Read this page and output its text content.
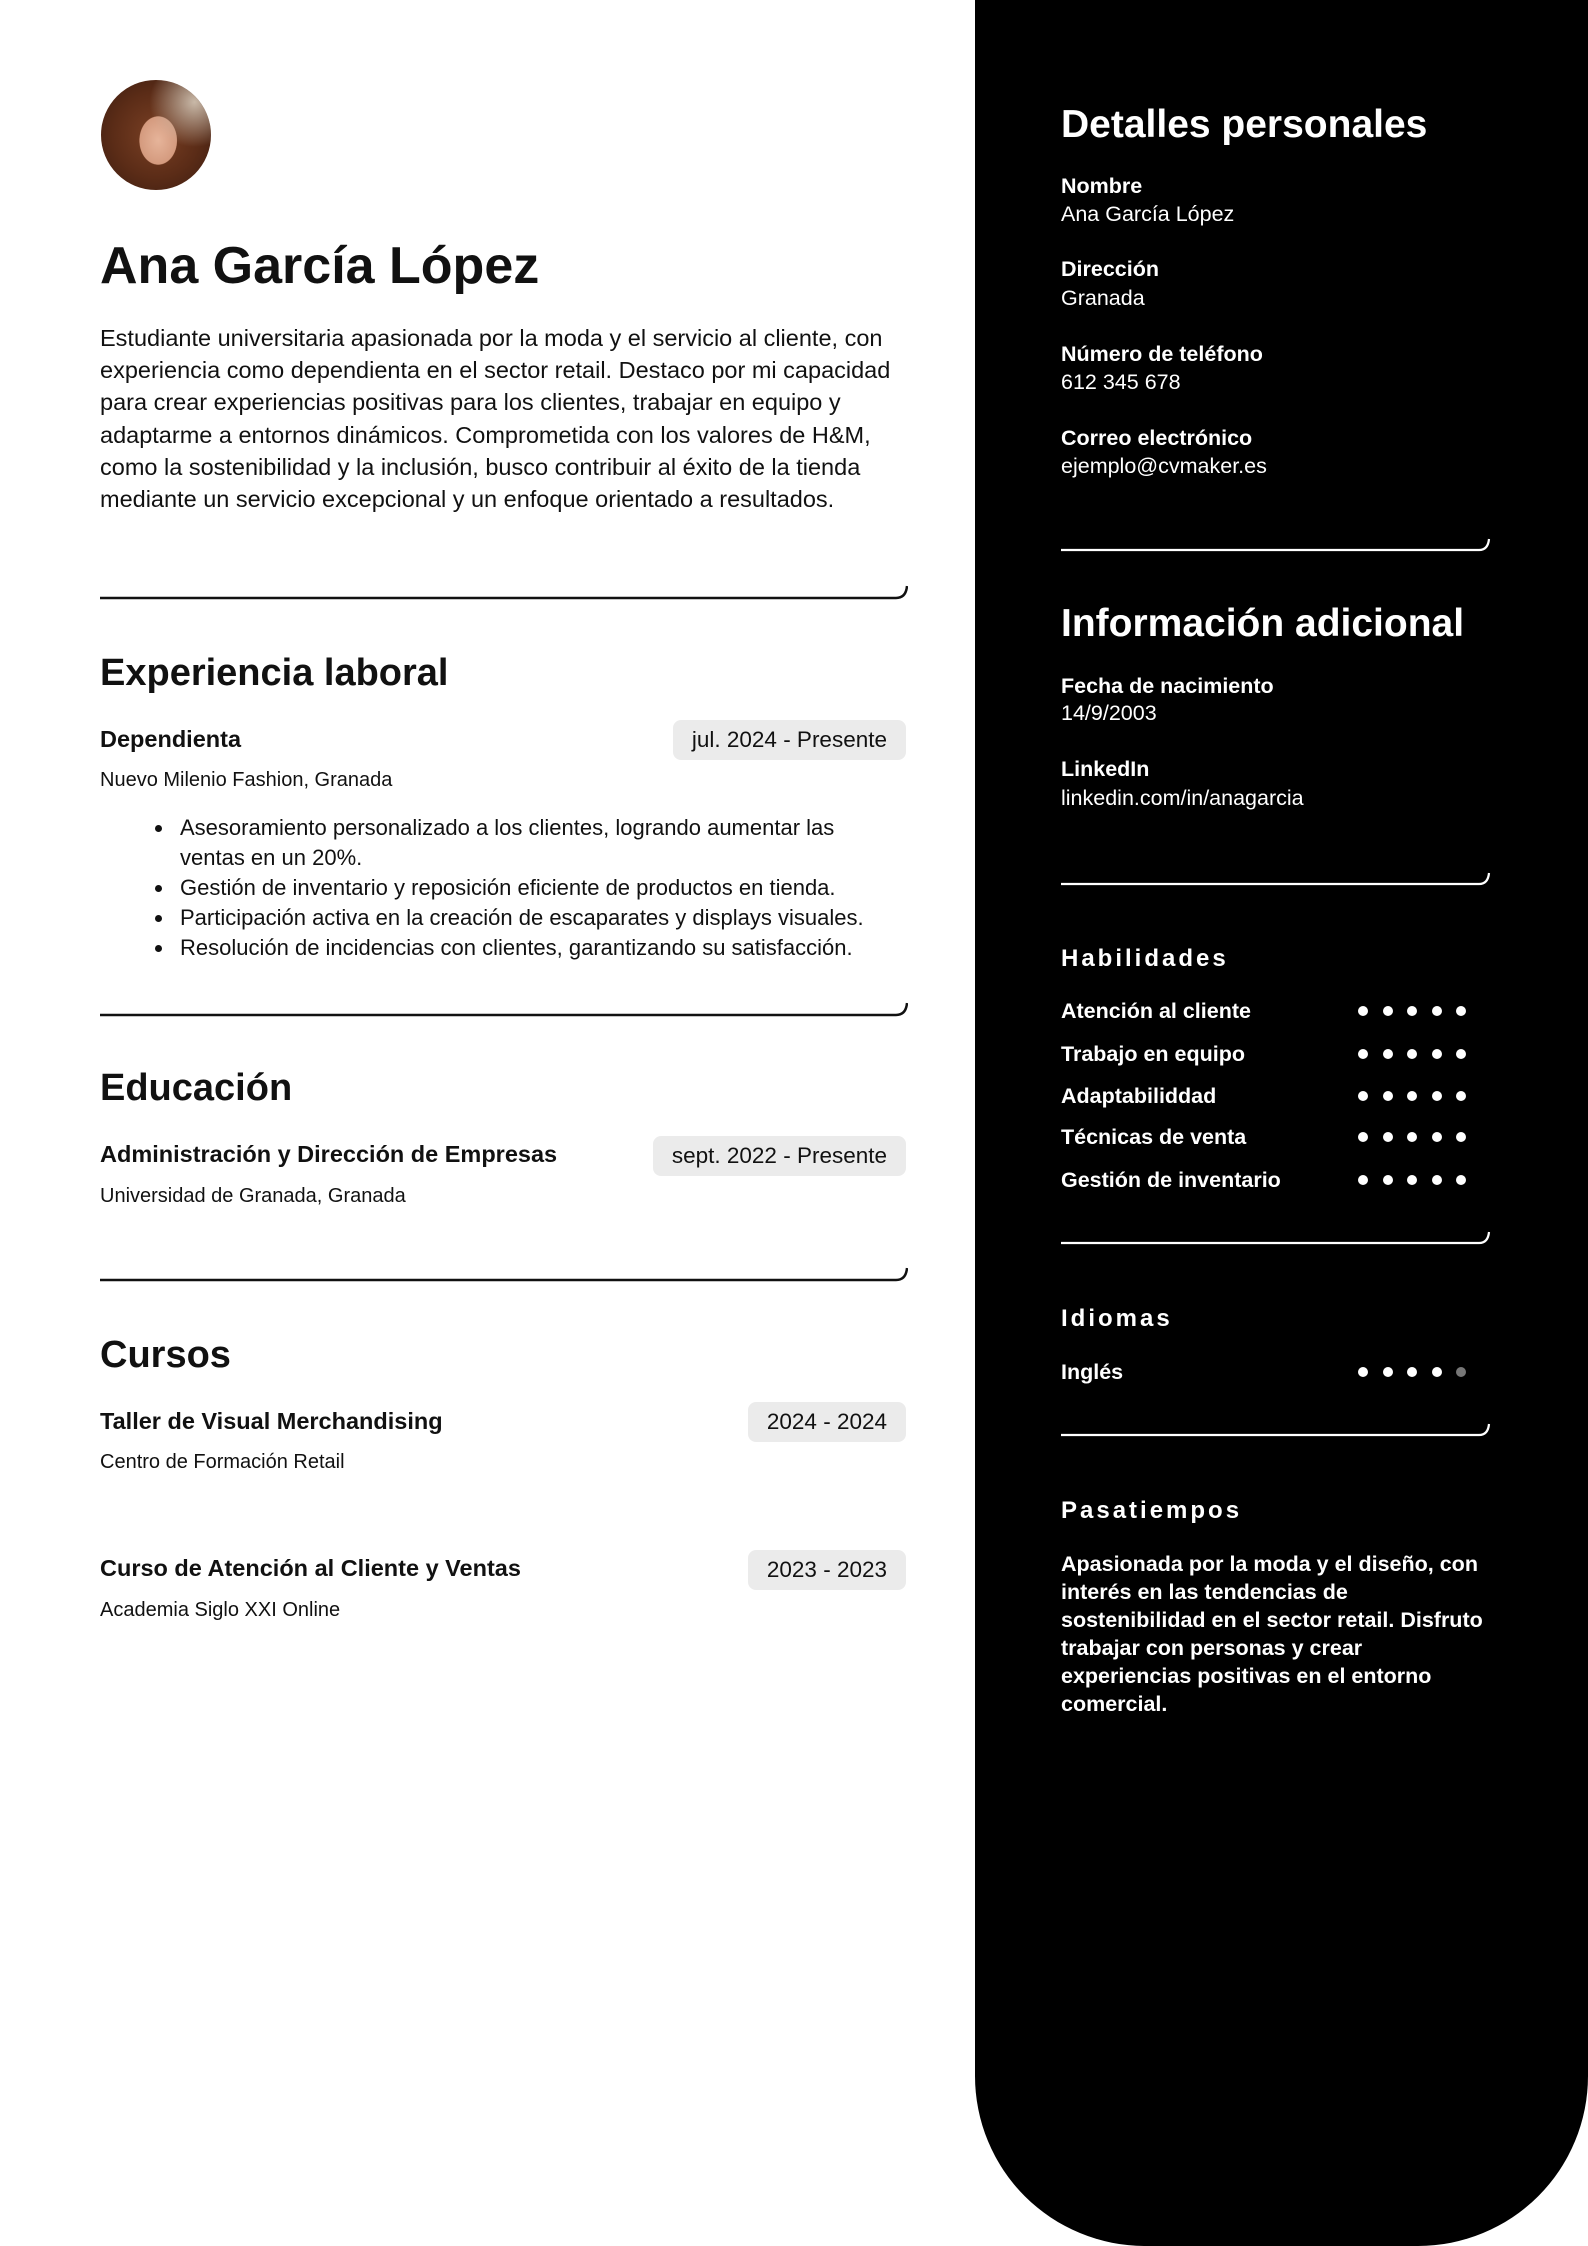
Ana García López
Estudiante universitaria apasionada por la moda y el servicio al cliente, con experiencia como dependienta en el sector retail. Destaco por mi capacidad para crear experiencias positivas para los clientes, trabajar en equipo y adaptarme a entornos dinámicos. Comprometida con los valores de H&M, como la sostenibilidad y la inclusión, busco contribuir al éxito de la tienda mediante un servicio excepcional y un enfoque orientado a resultados.
Experiencia laboral
Dependienta	jul. 2024 - Presente
Nuevo Milenio Fashion, Granada
Asesoramiento personalizado a los clientes, logrando aumentar las ventas en un 20%.
Gestión de inventario y reposición eficiente de productos en tienda.
Participación activa en la creación de escaparates y displays visuales.
Resolución de incidencias con clientes, garantizando su satisfacción.
Educación
Administración y Dirección de Empresas	sept. 2022 - Presente
Universidad de Granada, Granada
Cursos
Taller de Visual Merchandising	2024 - 2024
Centro de Formación Retail
Curso de Atención al Cliente y Ventas	2023 - 2023
Academia Siglo XXI Online
Detalles personales
Nombre
Ana García López
Dirección
Granada
Número de teléfono
612 345 678
Correo electrónico
ejemplo@cvmaker.es
Información adicional
Fecha de nacimiento
14/9/2003
LinkedIn
linkedin.com/in/anagarcia
Habilidades
Atención al cliente
Trabajo en equipo
Adaptabiliddad
Técnicas de venta
Gestión de inventario
Idiomas
Inglés
Pasatiempos
Apasionada por la moda y el diseño, con interés en las tendencias de sostenibilidad en el sector retail. Disfruto trabajar con personas y crear experiencias positivas en el entorno comercial.
